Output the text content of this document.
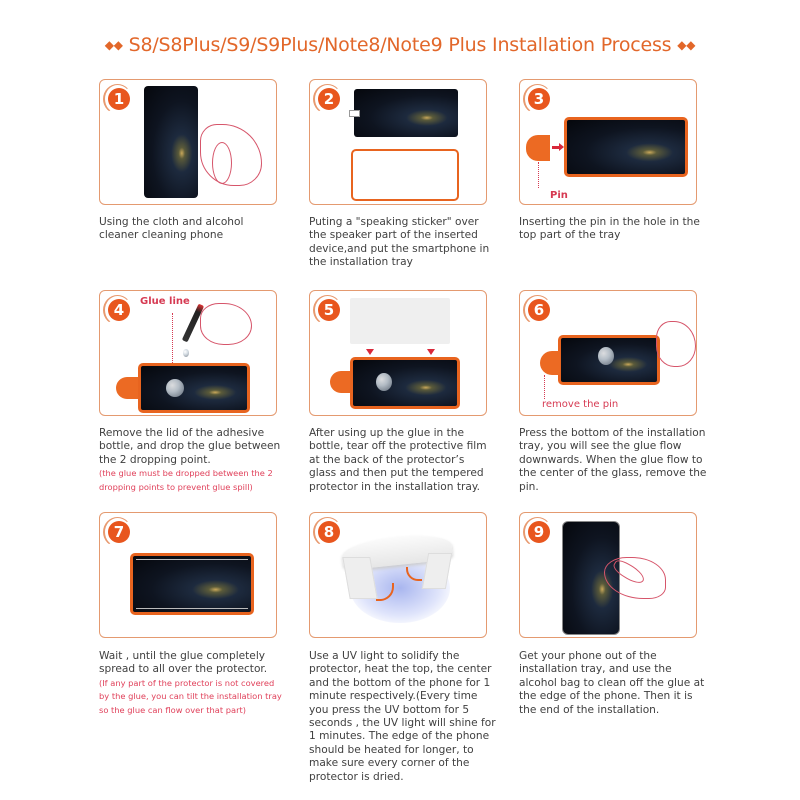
◆◆ S8/S8Plus/S9/S9Plus/Note8/Note9 Plus Installation Process ◆◆
1
Using the cloth and alcohol cleaner cleaning phone
2
Puting a "speaking sticker" over the speaker part of the inserted device,and put the smartphone in the installation tray
3
Pin
Inserting the pin in the hole in the top part of the tray
4	Glue line
Remove the lid of the adhesive bottle, and drop the glue between the 2 dropping point.
(the glue must be dropped between the 2 dropping points to prevent glue spill)
5
After using up the glue in the bottle, tear off the protective film at the back of the protector’s glass and then put the tempered protector in the installation tray.
6
remove the pin
Press the bottom of the installation tray, you will see the glue flow downwards. When the glue flow to the center of the glass, remove the pin.
7
Wait , until the glue completely spread to all over the protector.
(If any part of the protector is not covered by the glue, you can tilt the installation tray so the glue can flow over that part)
8
Use a UV light to solidify the protector, heat the top, the center and the bottom of the phone for 1 minute respectively.(Every time you press the UV bottom for 5 seconds , the UV light will shine for 1 minutes. The edge of the phone should be heated for longer, to make sure every corner of the protector is dried.
9
Get your phone out of the installation tray, and use the alcohol bag to clean off the glue at the edge of the phone. Then it is the end of the installation.
